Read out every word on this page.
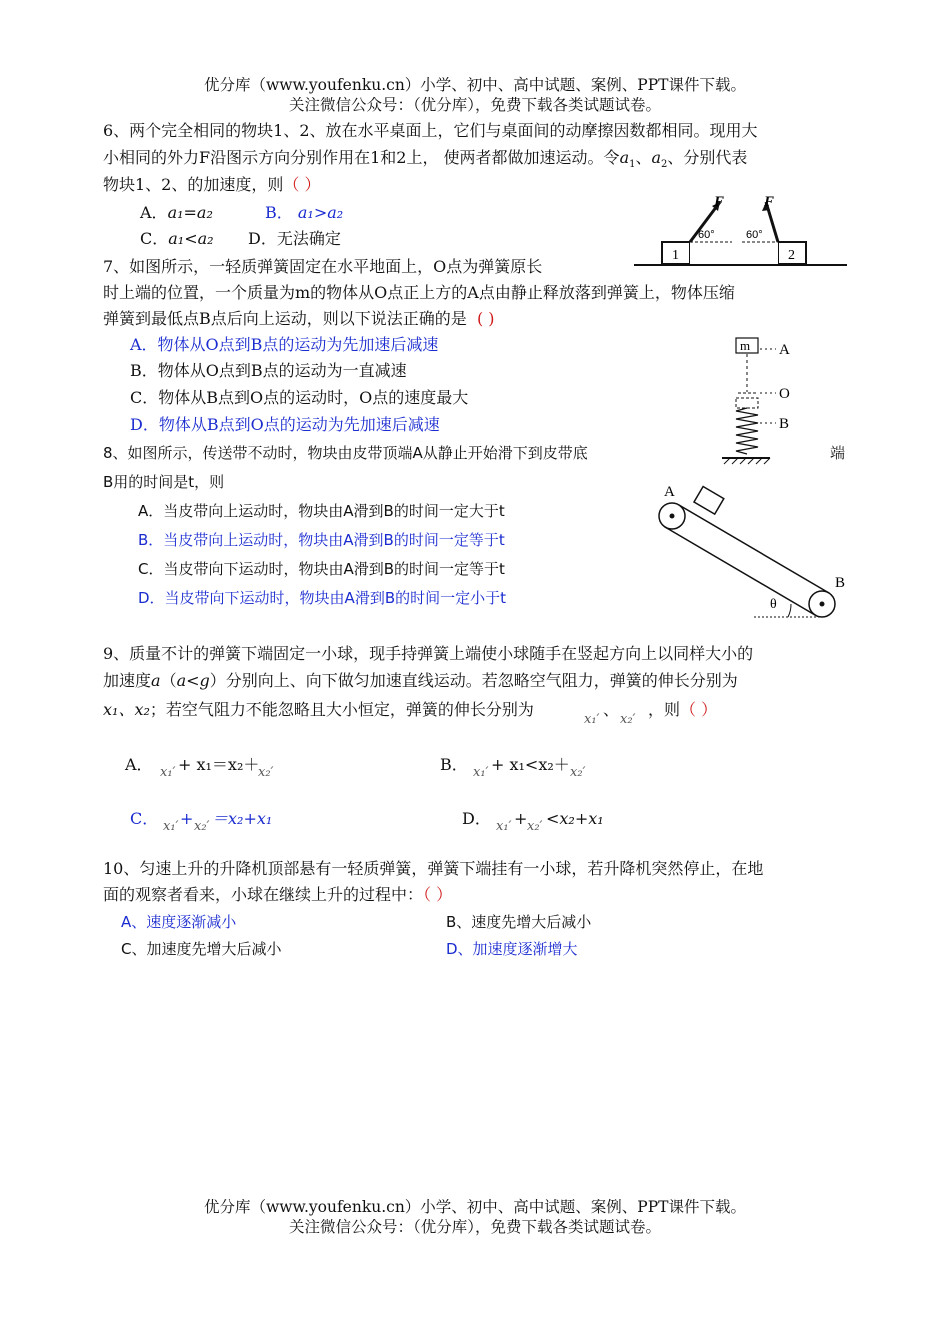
优分库（www.youfenku.cn）小学、初中、高中试题、案例、PPT课件下载。
关注微信公众号：（优分库），免费下载各类试题试卷。
6、两个完全相同的物块1、2、放在水平桌面上，它们与桌面间的动摩擦因数都相同。现用大
小相同的外力F沿图示方向分别作用在1和2上， 使两者都做加速运动。令$a_1$、$a_2$、分别代表
物块1、2、的加速度，则（ ）
A．a₁=a₂	B． a₁>a₂
C．a₁<a₂ D．无法确定
1	2
F	F
60°	60°
7、如图所示，一轻质弹簧固定在水平地面上，O点为弹簧原长
时上端的位置，一个质量为m的物体从O点正上方的A点由静止释放落到弹簧上，物体压缩
弹簧到最低点B点后向上运动，则以下说法正确的是 ( )
A．物体从O点到B点的运动为先加速后减速
B．物体从O点到B点的运动为一直减速
C．物体从B点到O点的运动时，O点的速度最大
D．物体从B点到O点的运动为先加速后减速
m A
O
B
8、如图所示，传送带不动时，物块由皮带顶端A从静止开始滑下到皮带底	端
B用的时间是t，则
A．当皮带向上运动时，物块由A滑到B的时间一定大于t
B．当皮带向上运动时，物块由A滑到B的时间一定等于t
C．当皮带向下运动时，物块由A滑到B的时间一定等于t
D．当皮带向下运动时，物块由A滑到B的时间一定小于t
A
B
θ
9、质量不计的弹簧下端固定一小球，现手持弹簧上端使小球随手在竖起方向上以同样大小的
加速度a（a<g）分别向上、向下做匀加速直线运动。若忽略空气阻力，弹簧的伸长分别为
x₁、x₂；若空气阻力不能忽略且大小恒定，弹簧的伸长分别为
x₁′
、
x₂′
，则（ ）
A． x₁′ + x₁＝x₂＋
x₂′	B． x₁′ + x₁<x₂＋ x₂′
C． x₁′ + x₂′ ＝x₂+x₁	D． x₁′ + x₂′ <x₂+x₁
10、匀速上升的升降机顶部悬有一轻质弹簧，弹簧下端挂有一小球，若升降机突然停止，在地
面的观察者看来，小球在继续上升的过程中：（ ）
A、速度逐渐减小	B、速度先增大后减小
C、加速度先增大后减小	D、加速度逐渐增大
优分库（www.youfenku.cn）小学、初中、高中试题、案例、PPT课件下载。
关注微信公众号：（优分库），免费下载各类试题试卷。
